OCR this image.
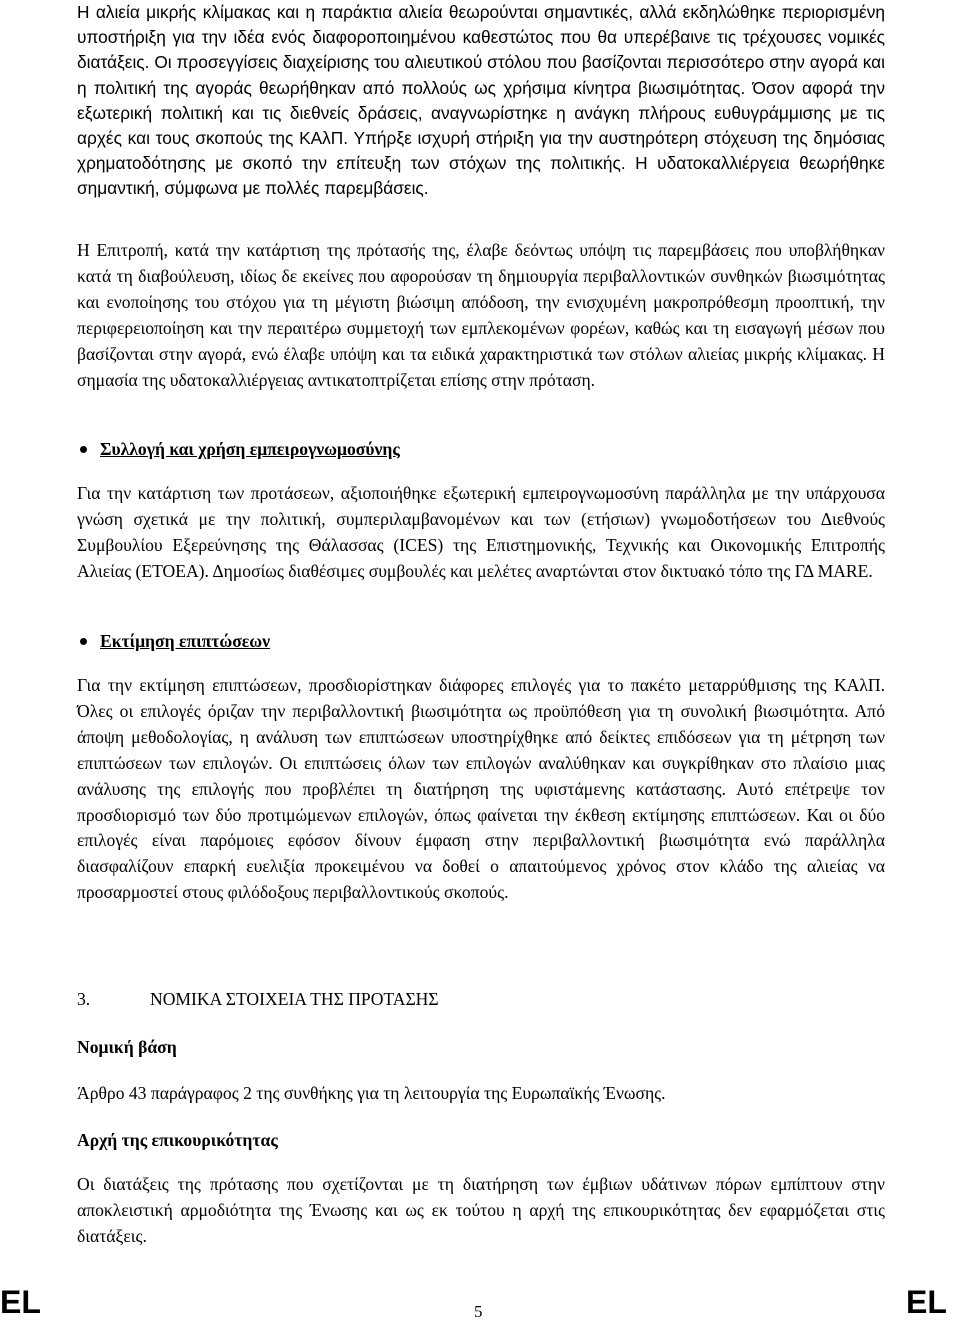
Η αλιεία μικρής κλίμακας και η παράκτια αλιεία θεωρούνται σημαντικές, αλλά εκδηλώθηκε περιορισμένη υποστήριξη για την ιδέα ενός διαφοροποιημένου καθεστώτος που θα υπερέβαινε τις τρέχουσες νομικές διατάξεις. Οι προσεγγίσεις διαχείρισης του αλιευτικού στόλου που βασίζονται περισσότερο στην αγορά και η πολιτική της αγοράς θεωρήθηκαν από πολλούς ως χρήσιμα κίνητρα βιωσιμότητας. Όσον αφορά την εξωτερική πολιτική και τις διεθνείς δράσεις, αναγνωρίστηκε η ανάγκη πλήρους ευθυγράμμισης με τις αρχές και τους σκοπούς της ΚΑλΠ. Υπήρξε ισχυρή στήριξη για την αυστηρότερη στόχευση της δημόσιας χρηματοδότησης με σκοπό την επίτευξη των στόχων της πολιτικής. Η υδατοκαλλιέργεια θεωρήθηκε σημαντική, σύμφωνα με πολλές παρεμβάσεις.

Η Επιτροπή, κατά την κατάρτιση της πρότασής της, έλαβε δεόντως υπόψη τις παρεμβάσεις που υποβλήθηκαν κατά τη διαβούλευση, ιδίως δε εκείνες που αφορούσαν τη δημιουργία περιβαλλοντικών συνθηκών βιωσιμότητας και ενοποίησης του στόχου για τη μέγιστη βιώσιμη απόδοση, την ενισχυμένη μακροπρόθεσμη προοπτική, την περιφερειοποίηση και την περαιτέρω συμμετοχή των εμπλεκομένων φορέων, καθώς και τη εισαγωγή μέσων που βασίζονται στην αγορά, ενώ έλαβε υπόψη και τα ειδικά χαρακτηριστικά των στόλων αλιείας μικρής κλίμακας. Η σημασία της υδατοκαλλιέργειας αντικατοπτρίζεται επίσης στην πρόταση.

Συλλογή και χρήση εμπειρογνωμοσύνης

Για την κατάρτιση των προτάσεων, αξιοποιήθηκε εξωτερική εμπειρογνωμοσύνη παράλληλα με την υπάρχουσα γνώση σχετικά με την πολιτική, συμπεριλαμβανομένων και των (ετήσιων) γνωμοδοτήσεων του Διεθνούς Συμβουλίου Εξερεύνησης της Θάλασσας (ICES) της Επιστημονικής, Τεχνικής και Οικονομικής Επιτροπής Αλιείας (ΕΤΟΕΑ). Δημοσίως διαθέσιμες συμβουλές και μελέτες αναρτώνται στον δικτυακό τόπο της ΓΔ MARE.

Εκτίμηση επιπτώσεων

Για την εκτίμηση επιπτώσεων, προσδιορίστηκαν διάφορες επιλογές για το πακέτο μεταρρύθμισης της ΚΑλΠ. Όλες οι επιλογές όριζαν την περιβαλλοντική βιωσιμότητα ως προϋπόθεση για τη συνολική βιωσιμότητα. Από άποψη μεθοδολογίας, η ανάλυση των επιπτώσεων υποστηρίχθηκε από δείκτες επιδόσεων για τη μέτρηση των επιπτώσεων των επιλογών. Οι επιπτώσεις όλων των επιλογών αναλύθηκαν και συγκρίθηκαν στο πλαίσιο μιας ανάλυσης της επιλογής που προβλέπει τη διατήρηση της υφιστάμενης κατάστασης. Αυτό επέτρεψε τον προσδιορισμό των δύο προτιμώμενων επιλογών, όπως φαίνεται την έκθεση εκτίμησης επιπτώσεων. Και οι δύο επιλογές είναι παρόμοιες εφόσον δίνουν έμφαση στην περιβαλλοντική βιωσιμότητα ενώ παράλληλα διασφαλίζουν επαρκή ευελιξία προκειμένου να δοθεί ο απαιτούμενος χρόνος στον κλάδο της αλιείας να προσαρμοστεί στους φιλόδοξους περιβαλλοντικούς σκοπούς.

3.	ΝΟΜΙΚΑ ΣΤΟΙΧΕΙΑ ΤΗΣ ΠΡΟΤΑΣΗΣ
Νομική βάση
Άρθρο 43 παράγραφος 2 της συνθήκης για τη λειτουργία της Ευρωπαϊκής Ένωσης.
Αρχή της επικουρικότητας

Οι διατάξεις της πρότασης που σχετίζονται με τη διατήρηση των έμβιων υδάτινων πόρων εμπίπτουν στην αποκλειστική αρμοδιότητα της Ένωσης και ως εκ τούτου η αρχή της επικουρικότητας δεν εφαρμόζεται στις διατάξεις.

EL	5	EL
